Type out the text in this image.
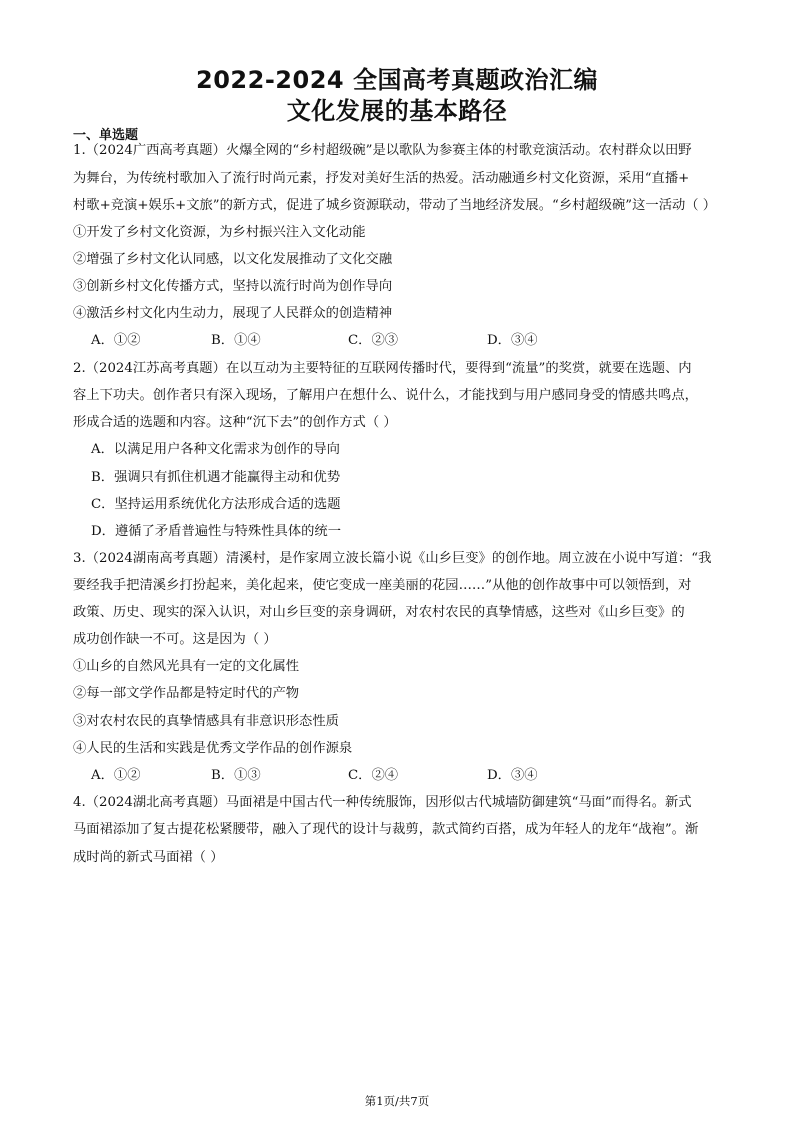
2022-2024 全国高考真题政治汇编
文化发展的基本路径
一、单选题
1.（2024广西高考真题）火爆全网的“乡村超级碗”是以歌队为参赛主体的村歌竞演活动。农村群众以田野
为舞台，为传统村歌加入了流行时尚元素，抒发对美好生活的热爱。活动融通乡村文化资源，采用“直播+
村歌+竞演+娱乐+文旅”的新方式，促进了城乡资源联动，带动了当地经济发展。“乡村超级碗”这一活动（ ）
①开发了乡村文化资源，为乡村振兴注入文化动能
②增强了乡村文化认同感，以文化发展推动了文化交融
③创新乡村文化传播方式，坚持以流行时尚为创作导向
④激活乡村文化内生动力，展现了人民群众的创造精神
A．①②	B．①④	C．②③	D．③④
2.（2024江苏高考真题）在以互动为主要特征的互联网传播时代，要得到“流量”的奖赏，就要在选题、内
容上下功夫。创作者只有深入现场，了解用户在想什么、说什么，才能找到与用户感同身受的情感共鸣点，
形成合适的选题和内容。这种“沉下去”的创作方式（ ）
A．以满足用户各种文化需求为创作的导向
B．强调只有抓住机遇才能赢得主动和优势
C．坚持运用系统优化方法形成合适的选题
D．遵循了矛盾普遍性与特殊性具体的统一
3.（2024湖南高考真题）清溪村，是作家周立波长篇小说《山乡巨变》的创作地。周立波在小说中写道：“我
要经我手把清溪乡打扮起来，美化起来，使它变成一座美丽的花园……”从他的创作故事中可以领悟到，对
政策、历史、现实的深入认识，对山乡巨变的亲身调研，对农村农民的真挚情感，这些对《山乡巨变》的
成功创作缺一不可。这是因为（ ）
①山乡的自然风光具有一定的文化属性
②每一部文学作品都是特定时代的产物
③对农村农民的真挚情感具有非意识形态性质
④人民的生活和实践是优秀文学作品的创作源泉
A．①②	B．①③	C．②④	D．③④
4.（2024湖北高考真题）马面裙是中国古代一种传统服饰，因形似古代城墙防御建筑“马面”而得名。新式
马面裙添加了复古提花松紧腰带，融入了现代的设计与裁剪，款式简约百搭，成为年轻人的龙年“战袍”。渐
成时尚的新式马面裙（ ）
第1页/共7页
